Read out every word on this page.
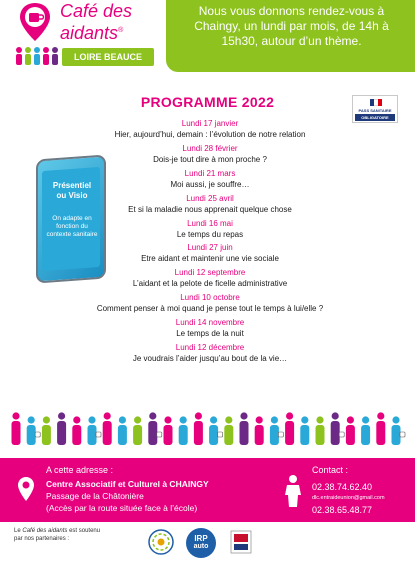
Café des
aidants®
LOIRE BEAUCE
Nous vous donnons rendez-vous à Chaingy, un lundi par mois, de 14h à 15h30, autour d’un thème.
PROGRAMME 2022
PASS SANITAIRE
OBLIGATOIRE
Présentiel
ou Visio
On adapte en fonction du contexte sanitaire
Lundi 17 janvier
Hier, aujourd’hui, demain : l’évolution de notre relation
Lundi 28 février
Dois-je tout dire à mon proche ?
Lundi 21 mars
Moi aussi, je souffre…
Lundi 25 avril
Et si la maladie nous apprenait quelque chose
Lundi 16 mai
Le temps du repas
Lundi 27 juin
Etre aidant et maintenir une vie sociale
Lundi 12 septembre
L’aidant et la pelote de ficelle administrative
Lundi 10 octobre
Comment penser à moi quand je pense tout le temps à lui/elle ?
Lundi 14 novembre
Le temps de la nuit
Lundi 12 décembre
Je voudrais l’aider jusqu’au bout de la vie…
A cette adresse :
Centre Associatif et Culturel à CHAINGY
Passage de la Châtonière
(Accès par la route située face à l’école)
Contact :
02.38.74.62.40
dlc.entraideunion@gmail.com
02.38.65.48.77
Le Café des aidants est soutenu
par nos partenaires :	IRP
auto
